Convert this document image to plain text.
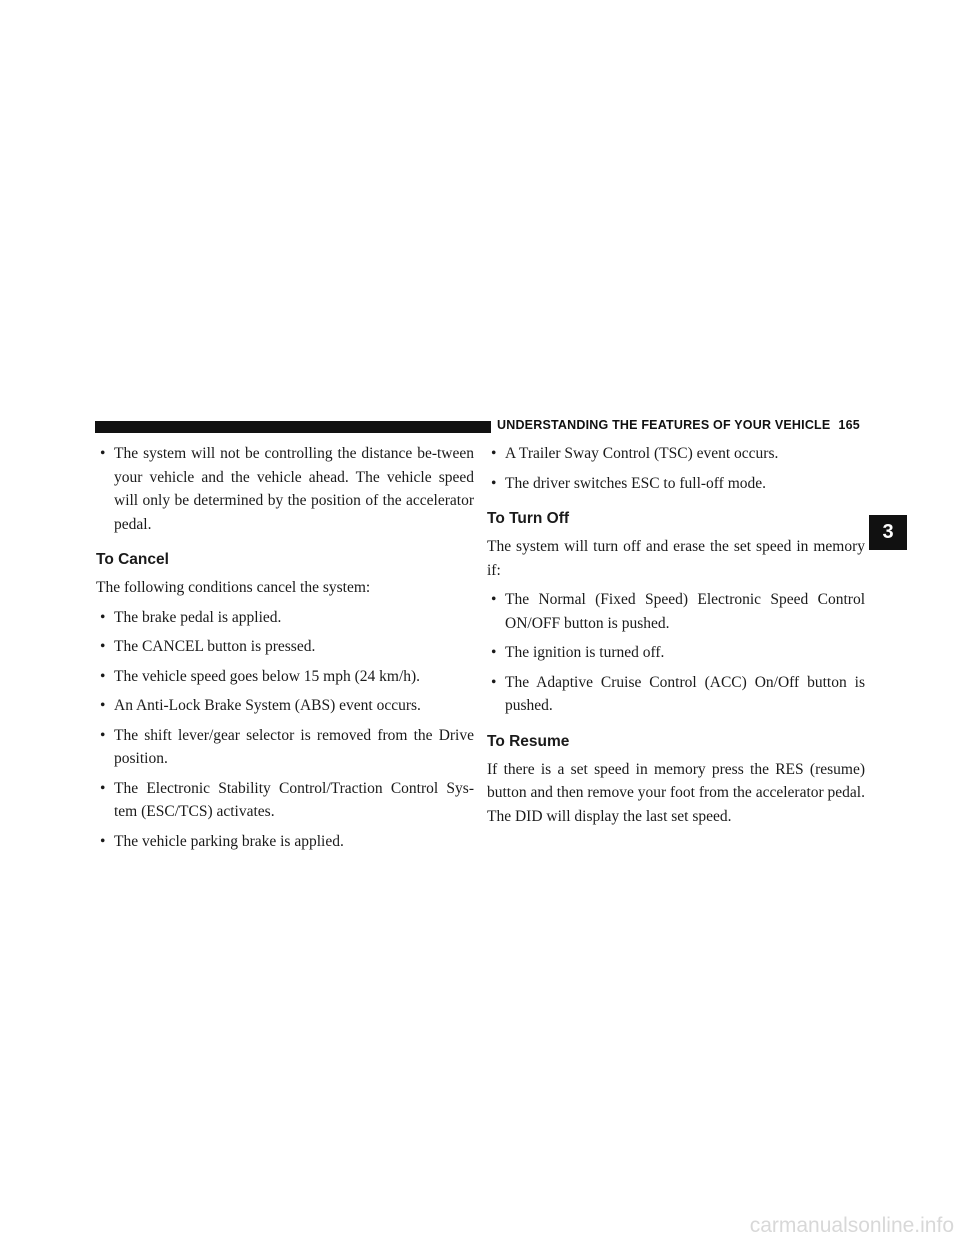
UNDERSTANDING THE FEATURES OF YOUR VEHICLE 165
3
• The system will not be controlling the distance be-tween your vehicle and the vehicle ahead. The vehicle speed will only be determined by the position of the accelerator pedal.
To Cancel
The following conditions cancel the system:
• The brake pedal is applied.
• The CANCEL button is pressed.
• The vehicle speed goes below 15 mph (24 km/h).
• An Anti-Lock Brake System (ABS) event occurs.
• The shift lever/gear selector is removed from the Drive position.
• The Electronic Stability Control/Traction Control Sys-tem (ESC/TCS) activates.
• The vehicle parking brake is applied.
• A Trailer Sway Control (TSC) event occurs.
• The driver switches ESC to full-off mode.
To Turn Off
The system will turn off and erase the set speed in memory if:
• The Normal (Fixed Speed) Electronic Speed Control ON/OFF button is pushed.
• The ignition is turned off.
• The Adaptive Cruise Control (ACC) On/Off button is pushed.
To Resume
If there is a set speed in memory press the RES (resume) button and then remove your foot from the accelerator pedal. The DID will display the last set speed.
carmanualsonline.info
